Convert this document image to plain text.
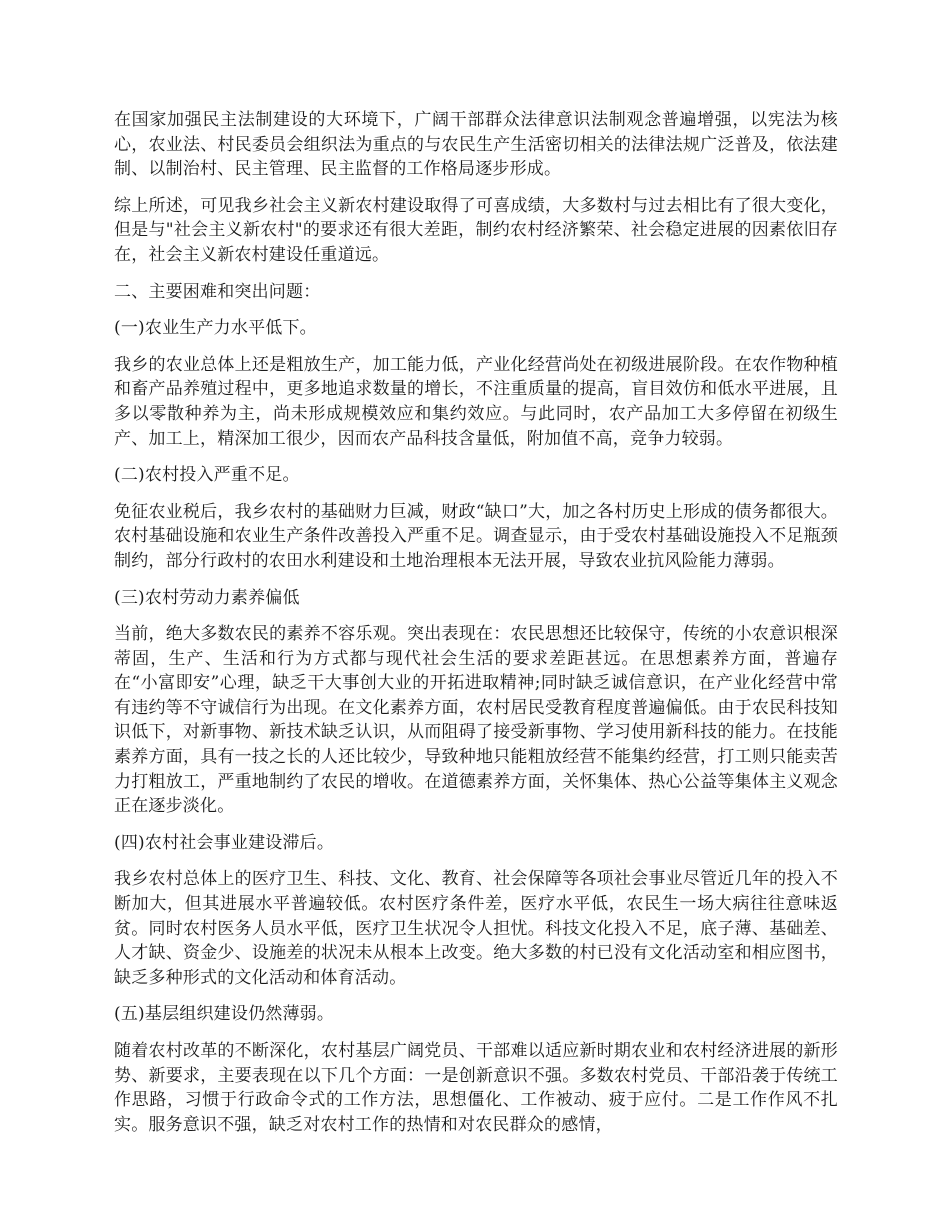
在国家加强民主法制建设的大环境下，广阔干部群众法律意识法制观念普遍增强，以宪法为核心，农业法、村民委员会组织法为重点的与农民生产生活密切相关的法律法规广泛普及，依法建制、以制治村、民主管理、民主监督的工作格局逐步形成。

综上所述，可见我乡社会主义新农村建设取得了可喜成绩，大多数村与过去相比有了很大变化，但是与"社会主义新农村"的要求还有很大差距，制约农村经济繁荣、社会稳定进展的因素依旧存在，社会主义新农村建设任重道远。

二、主要困难和突出问题：

(一)农业生产力水平低下。

我乡的农业总体上还是粗放生产，加工能力低，产业化经营尚处在初级进展阶段。在农作物种植和畜产品养殖过程中，更多地追求数量的增长，不注重质量的提高，盲目效仿和低水平进展，且多以零散种养为主，尚未形成规模效应和集约效应。与此同时，农产品加工大多停留在初级生产、加工上，精深加工很少，因而农产品科技含量低，附加值不高，竞争力较弱。

(二)农村投入严重不足。

免征农业税后，我乡农村的基础财力巨减，财政“缺口”大，加之各村历史上形成的债务都很大。农村基础设施和农业生产条件改善投入严重不足。调查显示，由于受农村基础设施投入不足瓶颈制约，部分行政村的农田水利建设和土地治理根本无法开展，导致农业抗风险能力薄弱。

(三)农村劳动力素养偏低

当前，绝大多数农民的素养不容乐观。突出表现在：农民思想还比较保守，传统的小农意识根深蒂固，生产、生活和行为方式都与现代社会生活的要求差距甚远。在思想素养方面，普遍存在“小富即安”心理，缺乏干大事创大业的开拓进取精神;同时缺乏诚信意识，在产业化经营中常有违约等不守诚信行为出现。在文化素养方面，农村居民受教育程度普遍偏低。由于农民科技知识低下，对新事物、新技术缺乏认识，从而阻碍了接受新事物、学习使用新科技的能力。在技能素养方面，具有一技之长的人还比较少，导致种地只能粗放经营不能集约经营，打工则只能卖苦力打粗放工，严重地制约了农民的增收。在道德素养方面，关怀集体、热心公益等集体主义观念正在逐步淡化。

(四)农村社会事业建设滞后。

我乡农村总体上的医疗卫生、科技、文化、教育、社会保障等各项社会事业尽管近几年的投入不断加大，但其进展水平普遍较低。农村医疗条件差，医疗水平低，农民生一场大病往往意味返贫。同时农村医务人员水平低，医疗卫生状况令人担忧。科技文化投入不足，底子薄、基础差、人才缺、资金少、设施差的状况未从根本上改变。绝大多数的村已没有文化活动室和相应图书，缺乏多种形式的文化活动和体育活动。

(五)基层组织建设仍然薄弱。

随着农村改革的不断深化，农村基层广阔党员、干部难以适应新时期农业和农村经济进展的新形势、新要求，主要表现在以下几个方面：一是创新意识不强。多数农村党员、干部沿袭于传统工作思路，习惯于行政命令式的工作方法，思想僵化、工作被动、疲于应付。二是工作作风不扎实。服务意识不强，缺乏对农村工作的热情和对农民群众的感情，
